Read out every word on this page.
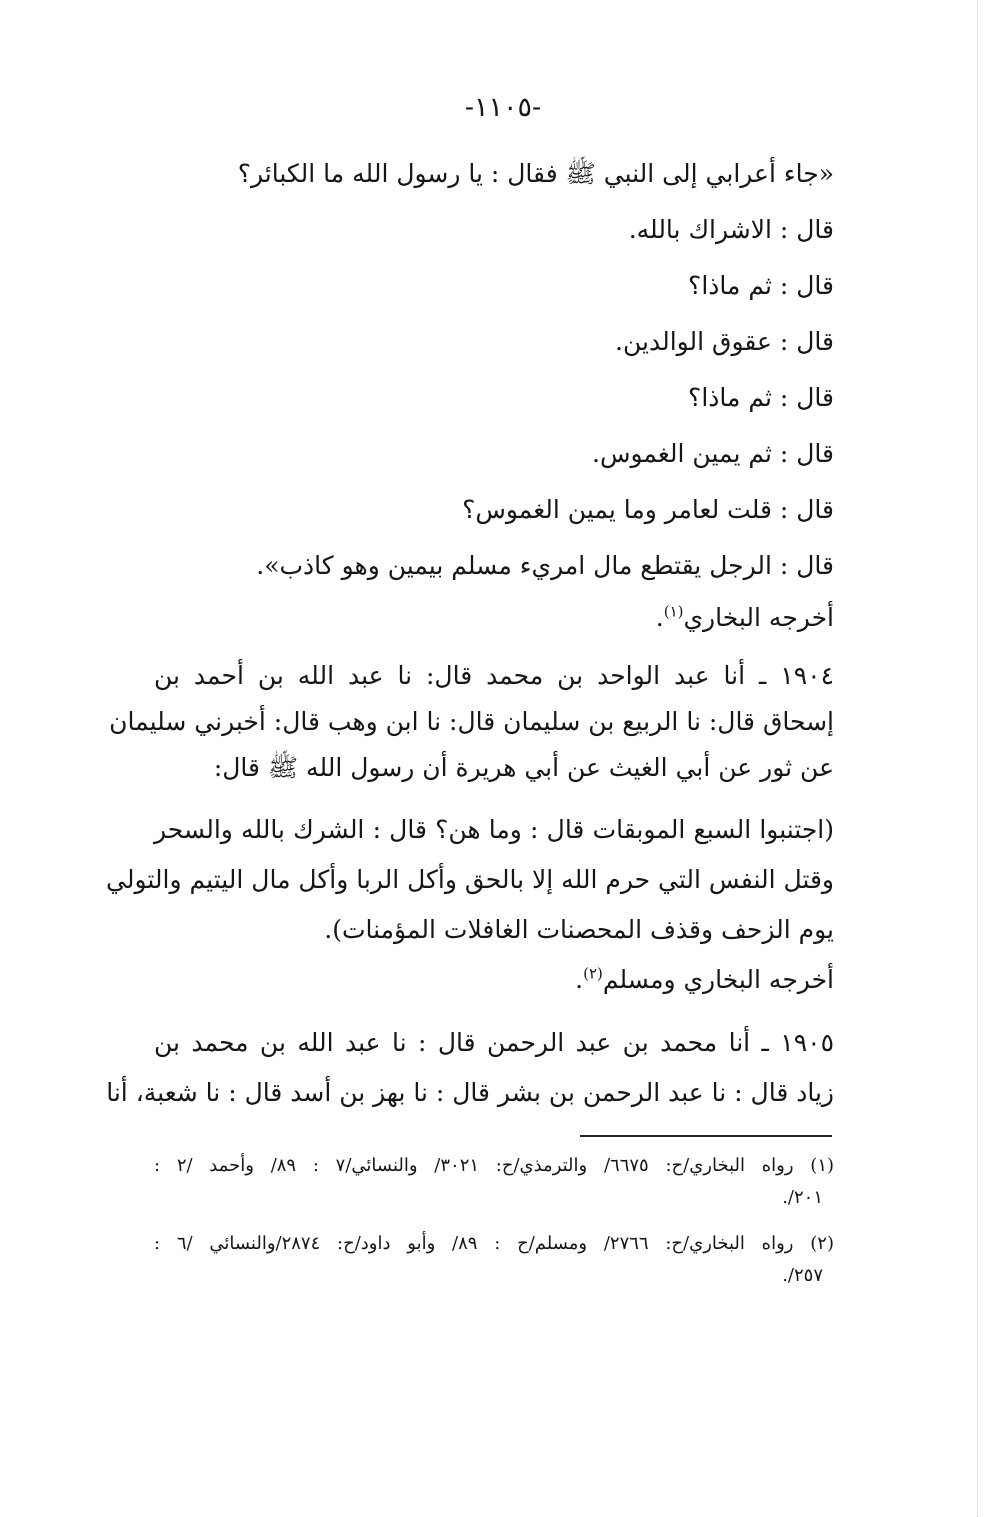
-١١٠٥-
«جاء أعرابي إلى النبي ﷺ فقال : يا رسول الله ما الكبائر؟
قال : الاشراك بالله.
قال : ثم ماذا؟
قال : عقوق الوالدين.
قال : ثم ماذا؟
قال : ثم يمين الغموس.
قال : قلت لعامر وما يمين الغموس؟
قال : الرجل يقتطع مال امريء مسلم بيمين وهو كاذب».
أخرجه البخاري$^{(١)}$.
١٩٠٤ ـ أنا عبد الواحد بن محمد قال: نا عبد الله بن أحمد بن
إسحاق قال: نا الربيع بن سليمان قال: نا ابن وهب قال: أخبرني سليمان
عن ثور عن أبي الغيث عن أبي هريرة أن رسول الله ﷺ قال:
(اجتنبوا السبع الموبقات قال : وما هن؟ قال : الشرك بالله والسحر
وقتل النفس التي حرم الله إلا بالحق وأكل الربا وأكل مال اليتيم والتولي
يوم الزحف وقذف المحصنات الغافلات المؤمنات).
أخرجه البخاري ومسلم$^{(٢)}$.
١٩٠٥ ـ أنا محمد بن عبد الرحمن قال : نا عبد الله بن محمد بن
زياد قال : نا عبد الرحمن بن بشر قال : نا بهز بن أسد قال : نا شعبة، أنا
(١) رواه البخاري/ح: ٦٦٧٥/ والترمذي/ح: ٣٠٢١/ والنسائي/٧ : ٨٩/ وأحمد /٢ :
٢٠١/.
(٢) رواه البخاري/ح: ٢٧٦٦/ ومسلم/ح : ٨٩/ وأبو داود/ح: ٢٨٧٤/والنسائي /٦ :
٢٥٧/.
